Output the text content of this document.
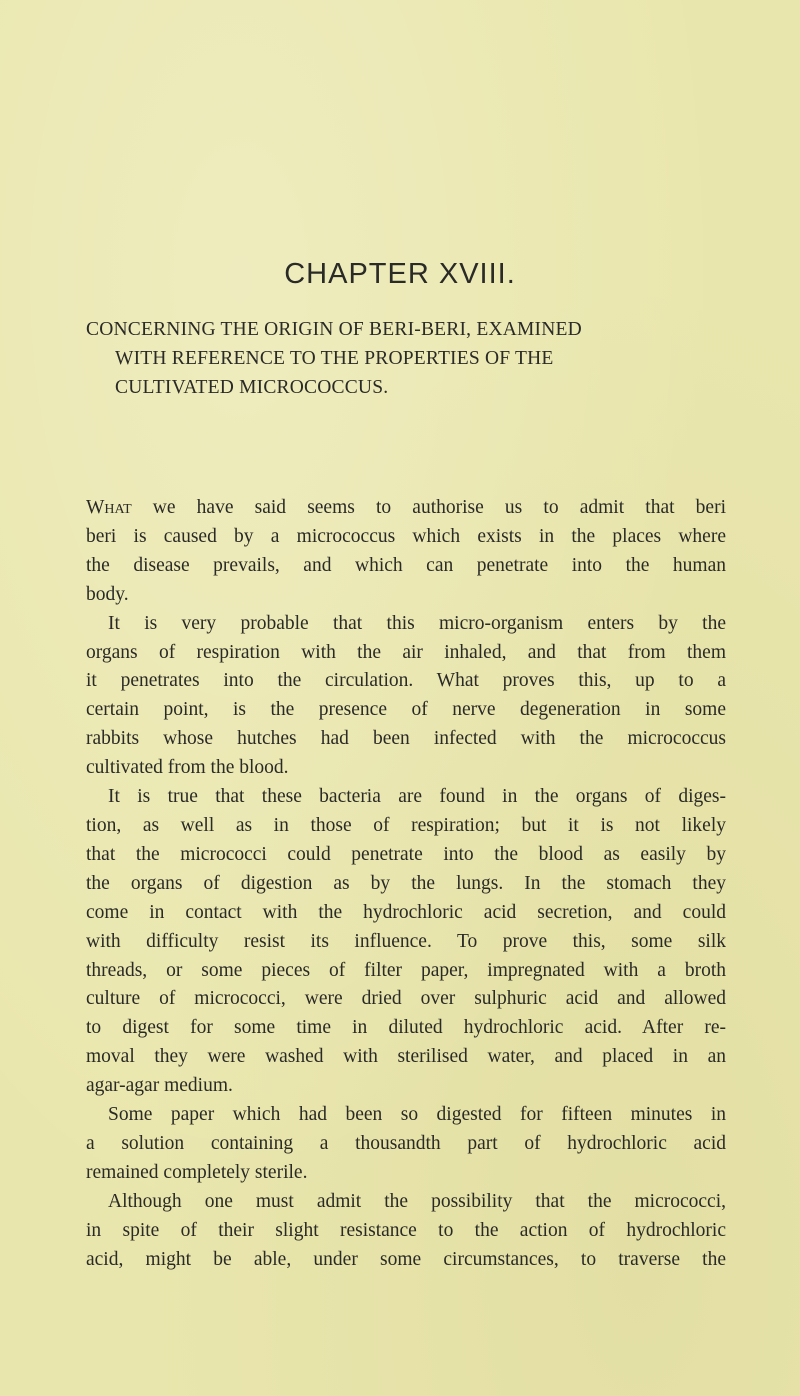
CHAPTER XVIII.
CONCERNING THE ORIGIN OF BERI-BERI, EXAMINED
WITH REFERENCE TO THE PROPERTIES OF THE
CULTIVATED MICROCOCCUS.
What we have said seems to authorise us to admit that beri
beri is caused by a micrococcus which exists in the places where
the disease prevails, and which can penetrate into the human
body.
It is very probable that this micro-organism enters by the
organs of respiration with the air inhaled, and that from them
it penetrates into the circulation. What proves this, up to a
certain point, is the presence of nerve degeneration in some
rabbits whose hutches had been infected with the micrococcus
cultivated from the blood.
It is true that these bacteria are found in the organs of diges-
tion, as well as in those of respiration; but it is not likely
that the micrococci could penetrate into the blood as easily by
the organs of digestion as by the lungs. In the stomach they
come in contact with the hydrochloric acid secretion, and could
with difficulty resist its influence. To prove this, some silk
threads, or some pieces of filter paper, impregnated with a broth
culture of micrococci, were dried over sulphuric acid and allowed
to digest for some time in diluted hydrochloric acid. After re-
moval they were washed with sterilised water, and placed in an
agar-agar medium.
Some paper which had been so digested for fifteen minutes in
a solution containing a thousandth part of hydrochloric acid
remained completely sterile.
Although one must admit the possibility that the micrococci,
in spite of their slight resistance to the action of hydrochloric
acid, might be able, under some circumstances, to traverse the
